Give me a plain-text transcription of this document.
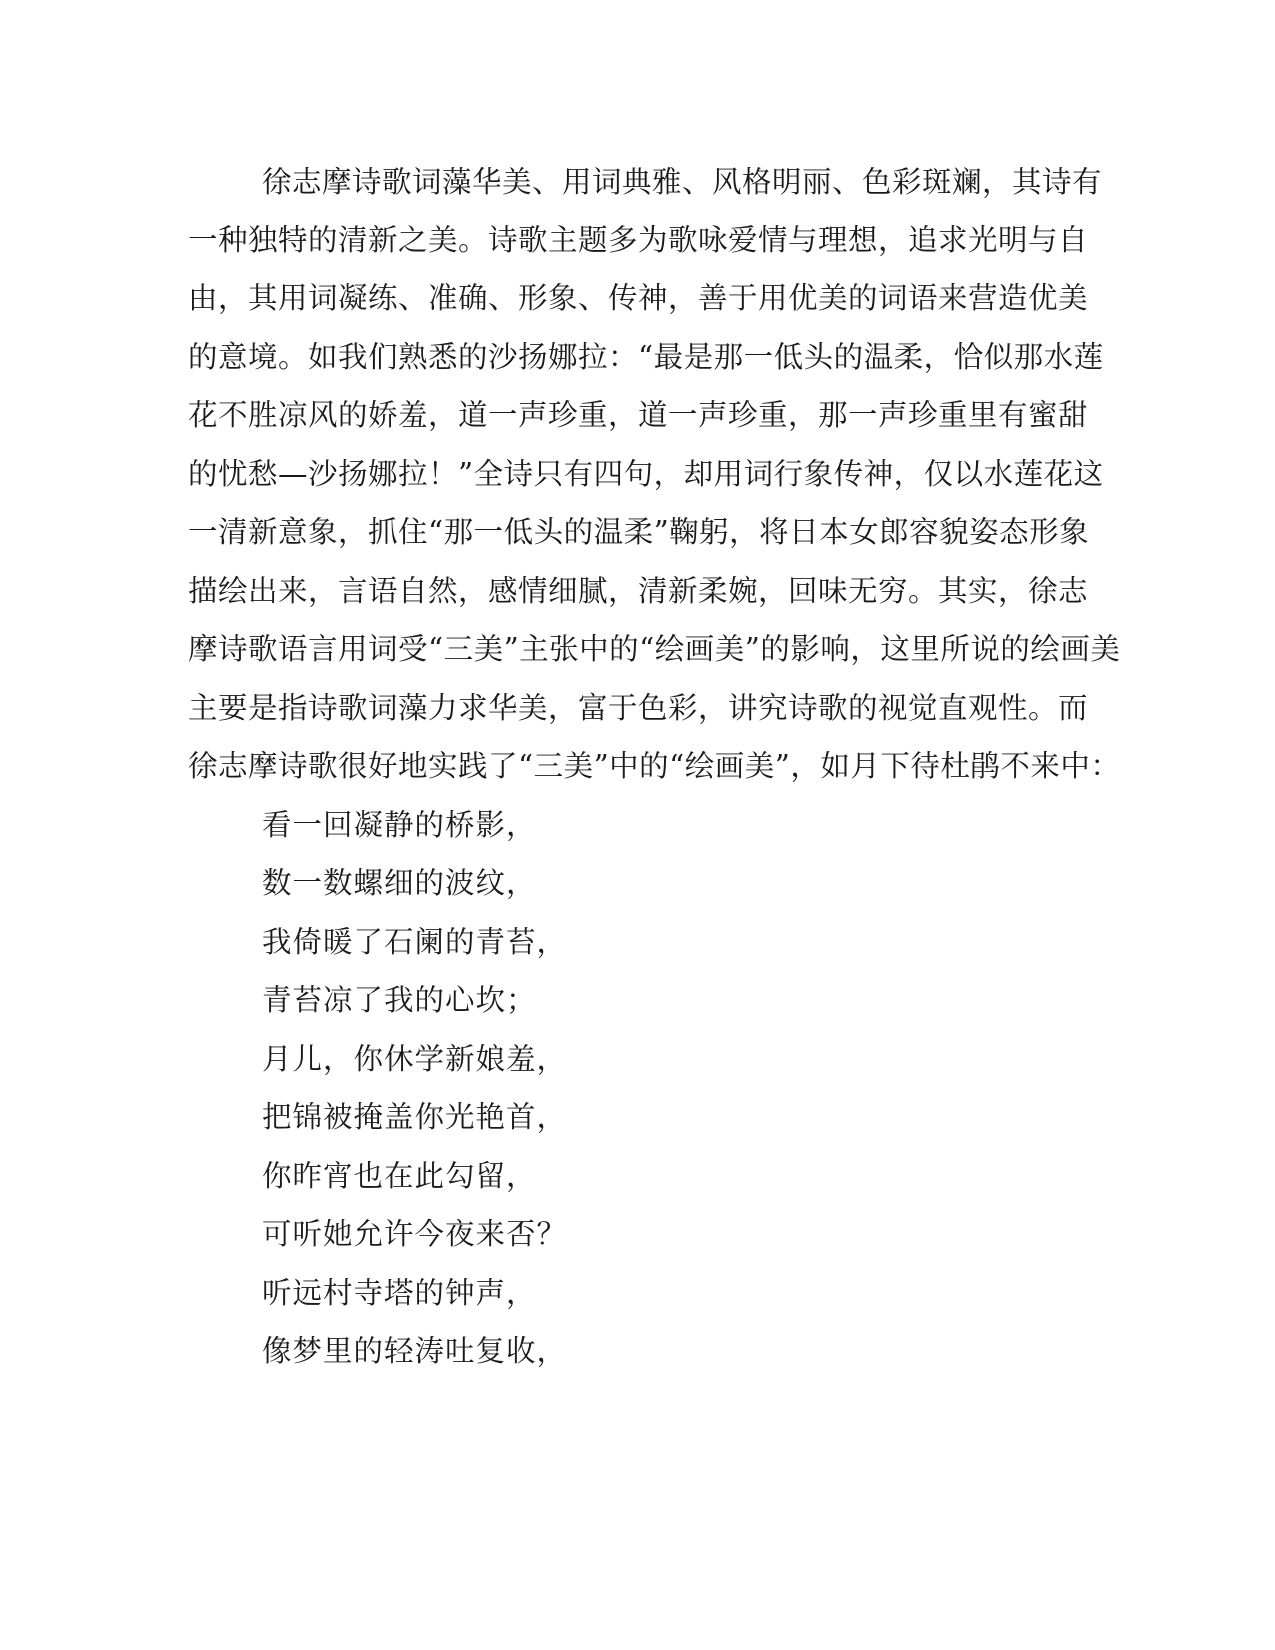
徐志摩诗歌词藻华美、用词典雅、风格明丽、色彩斑斓，其诗有
一种独特的清新之美。诗歌主题多为歌咏爱情与理想，追求光明与自
由，其用词凝练、准确、形象、传神，善于用优美的词语来营造优美
的意境。如我们熟悉的沙扬娜拉：“最是那一低头的温柔，恰似那水莲
花不胜凉风的娇羞，道一声珍重，道一声珍重，那一声珍重里有蜜甜
的忧愁—沙扬娜拉！”全诗只有四句，却用词行象传神，仅以水莲花这
一清新意象，抓住“那一低头的温柔”鞠躬，将日本女郎容貌姿态形象
描绘出来，言语自然，感情细腻，清新柔婉，回味无穷。其实，徐志
摩诗歌语言用词受“三美”主张中的“绘画美”的影响，这里所说的绘画美
主要是指诗歌词藻力求华美，富于色彩，讲究诗歌的视觉直观性。而
徐志摩诗歌很好地实践了“三美”中的“绘画美”，如月下待杜鹃不来中：
看一回凝静的桥影，
数一数螺细的波纹，
我倚暖了石阑的青苔，
青苔凉了我的心坎；
月儿，你休学新娘羞，
把锦被掩盖你光艳首，
你昨宵也在此勾留，
可听她允许今夜来否？
听远村寺塔的钟声，
像梦里的轻涛吐复收，
